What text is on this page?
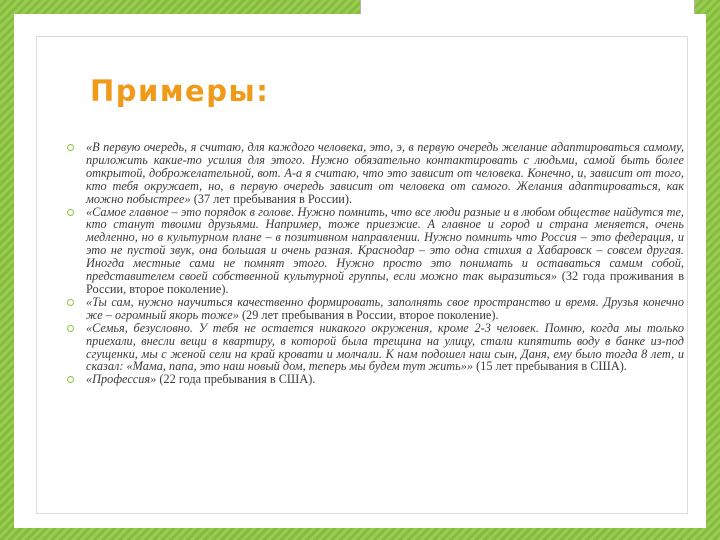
Примеры:
«В первую очередь, я считаю, для каждого человека, это, э, в первую очередь желание адаптироваться самому, приложить какие-то усилия для этого. Нужно обязательно контактировать с людьми, самой быть более открытой, доброжелательной, вот. А-а я считаю, что это зависит от человека. Конечно, и, зависит от того, кто тебя окружает, но, в первую очередь зависит от человека от самого. Желания адаптироваться, как можно побыстрее» (37 лет пребывания в России).
«Самое главное – это порядок в голове. Нужно помнить, что все люди разные и в любом обществе найдутся те, кто станут твоими друзьями. Например, тоже приезжие. А главное и город и страна меняется, очень медленно, но в культурном плане – в позитивном направлении. Нужно помнить что Россия – это федерация, и это не пустой звук, она большая и очень разная. Краснодар – это одна стихия а Хабаровск – совсем другая. Иногда местные сами не помнят этого. Нужно просто это понимать и оставаться самим собой, представителем своей собственной культурной группы, если можно так выразиться» (32 года проживания в России, второе поколение).
«Ты сам, нужно научиться качественно формировать, заполнять свое пространство и время. Друзья конечно же – огромный якорь тоже» (29 лет пребывания в России, второе поколение).
«Семья, безусловно. У тебя не остается никакого окружения, кроме 2-3 человек. Помню, когда мы только приехали, внесли вещи в квартиру, в которой была трещина на улицу, стали кипятить воду в банке из-под сгущенки, мы с женой сели на край кровати и молчали. К нам подошел наш сын, Даня, ему было тогда 8 лет, и сказал: «Мама, папа, это наш новый дом, теперь мы будем тут жить»» (15 лет пребывания в США).
«Профессия» (22 года пребывания в США).
